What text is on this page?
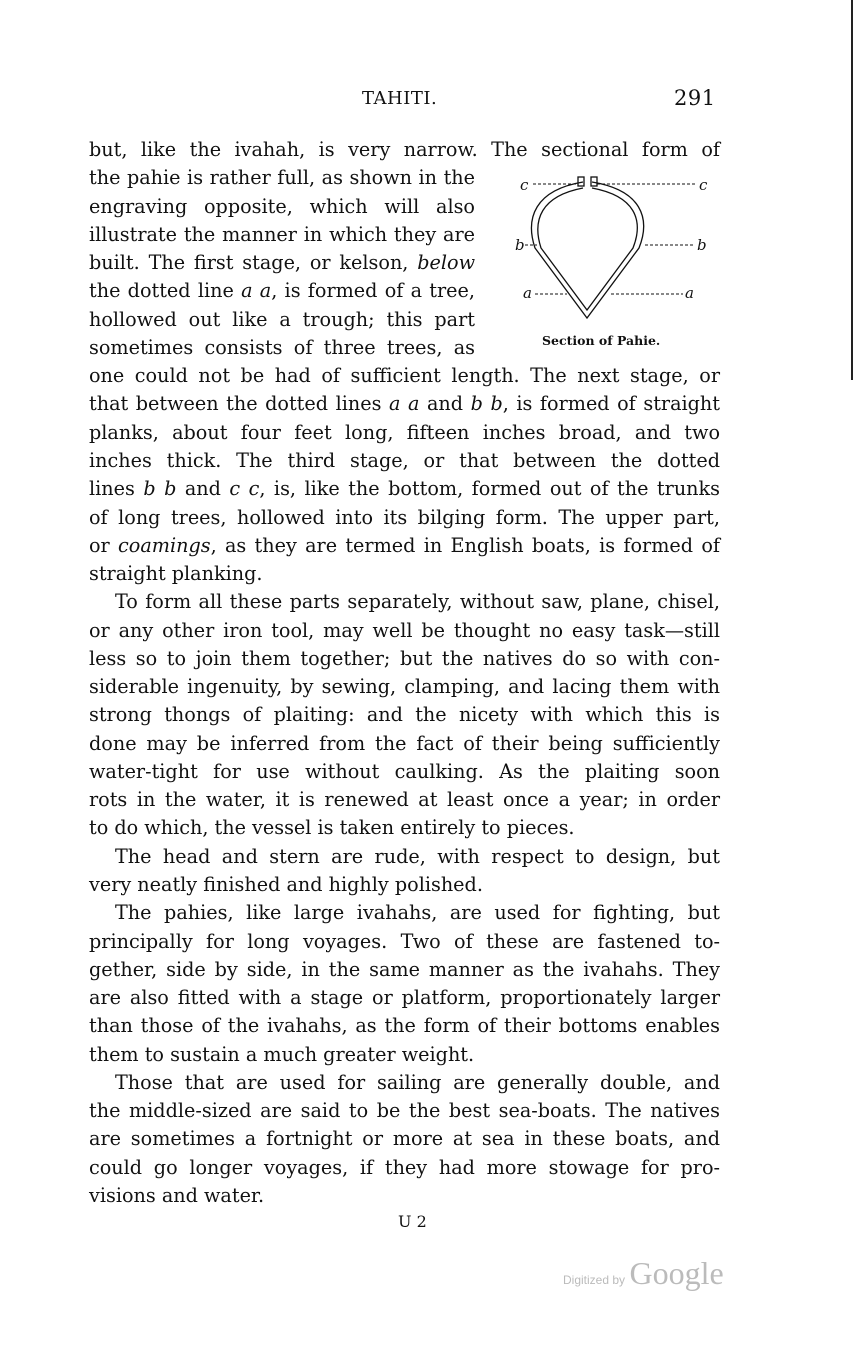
TAHITI.	291
c	c
b	b
a	a
Section of Pahie.
but, like the ivahah, is very narrow. The sectional form of
the pahie is rather full, as shown in the
engraving opposite, which will also
illustrate the manner in which they are
built. The first stage, or kelson, below
the dotted line a a, is formed of a tree,
hollowed out like a trough; this part
sometimes consists of three trees, as
one could not be had of sufficient length. The next stage, or
that between the dotted lines a a and b b, is formed of straight
planks, about four feet long, fifteen inches broad, and two
inches thick. The third stage, or that between the dotted
lines b b and c c, is, like the bottom, formed out of the trunks
of long trees, hollowed into its bilging form. The upper part,
or coamings, as they are termed in English boats, is formed of
straight planking.
To form all these parts separately, without saw, plane, chisel,
or any other iron tool, may well be thought no easy task—still
less so to join them together; but the natives do so with con-
siderable ingenuity, by sewing, clamping, and lacing them with
strong thongs of plaiting: and the nicety with which this is
done may be inferred from the fact of their being sufficiently
water-tight for use without caulking. As the plaiting soon
rots in the water, it is renewed at least once a year; in order
to do which, the vessel is taken entirely to pieces.
The head and stern are rude, with respect to design, but
very neatly finished and highly polished.
The pahies, like large ivahahs, are used for fighting, but
principally for long voyages. Two of these are fastened to-
gether, side by side, in the same manner as the ivahahs. They
are also fitted with a stage or platform, proportionately larger
than those of the ivahahs, as the form of their bottoms enables
them to sustain a much greater weight.
Those that are used for sailing are generally double, and
the middle-sized are said to be the best sea-boats. The natives
are sometimes a fortnight or more at sea in these boats, and
could go longer voyages, if they had more stowage for pro-
visions and water.
U 2
Digitized by Google
